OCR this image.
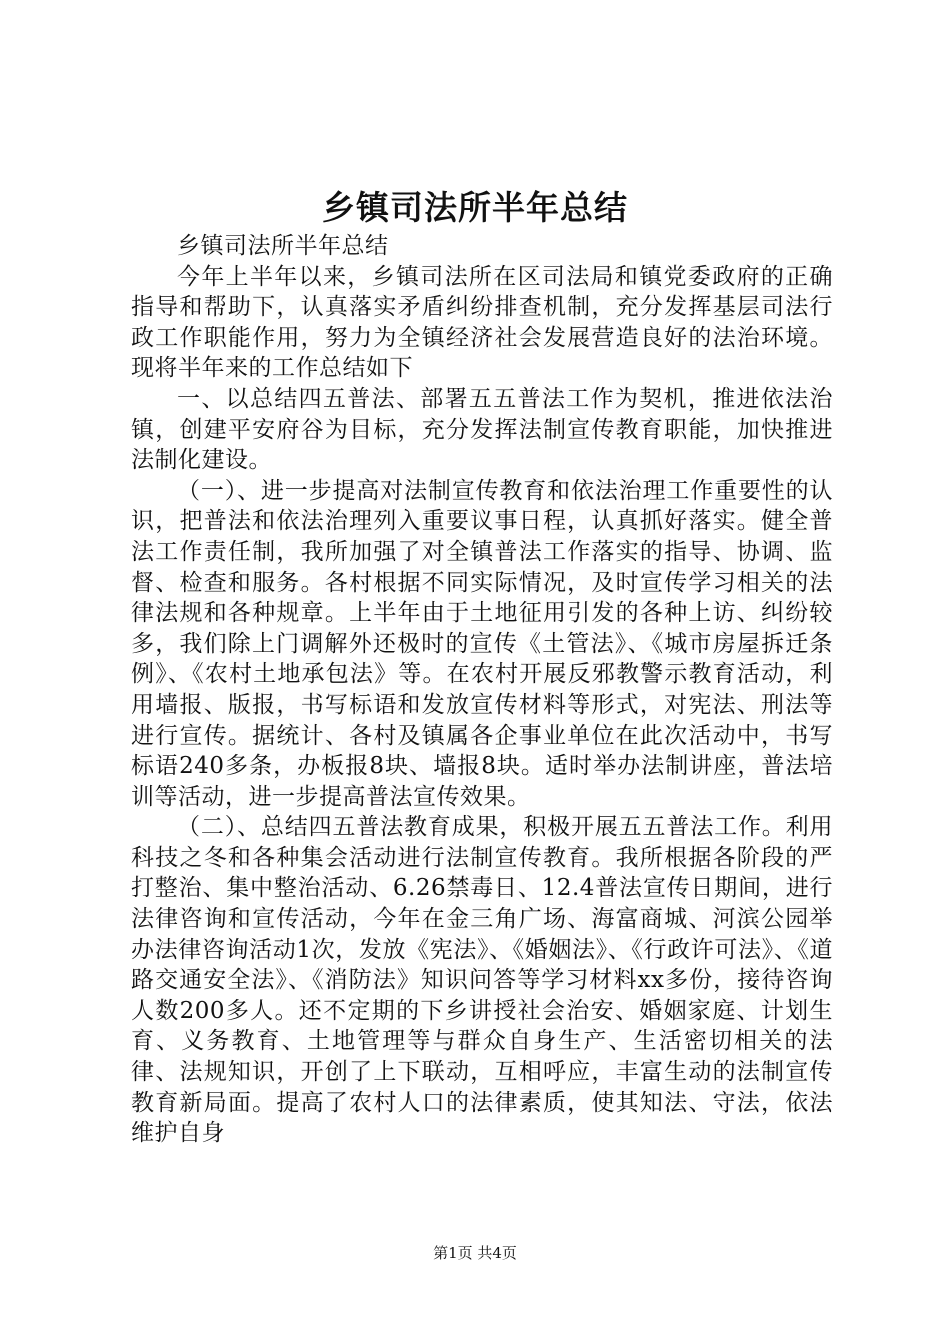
乡镇司法所半年总结

乡镇司法所半年总结

今年上半年以来，乡镇司法所在区司法局和镇党委政府的正确指导和帮助下，认真落实矛盾纠纷排查机制，充分发挥基层司法行政工作职能作用，努力为全镇经济社会发展营造良好的法治环境。现将半年来的工作总结如下

一、以总结四五普法、部署五五普法工作为契机，推进依法治镇，创建平安府谷为目标，充分发挥法制宣传教育职能，加快推进法制化建设。

（一）、进一步提高对法制宣传教育和依法治理工作重要性的认识，把普法和依法治理列入重要议事日程，认真抓好落实。健全普法工作责任制，我所加强了对全镇普法工作落实的指导、协调、监督、检查和服务。各村根据不同实际情况，及时宣传学习相关的法律法规和各种规章。上半年由于土地征用引发的各种上访、纠纷较多，我们除上门调解外还极时的宣传《土管法》、《城市房屋拆迁条例》、《农村土地承包法》等。在农村开展反邪教警示教育活动，利用墙报、版报，书写标语和发放宣传材料等形式，对宪法、刑法等进行宣传。据统计、各村及镇属各企事业单位在此次活动中，书写标语240多条，办板报8块、墙报8块。适时举办法制讲座，普法培训等活动，进一步提高普法宣传效果。

（二）、总结四五普法教育成果，积极开展五五普法工作。利用科技之冬和各种集会活动进行法制宣传教育。我所根据各阶段的严打整治、集中整治活动、6.26禁毒日、12.4普法宣传日期间，进行法律咨询和宣传活动，今年在金三角广场、海富商城、河滨公园举办法律咨询活动1次，发放《宪法》、《婚姻法》、《行政许可法》、《道路交通安全法》、《消防法》知识问答等学习材料xx多份，接待咨询人数200多人。还不定期的下乡讲授社会治安、婚姻家庭、计划生育、义务教育、土地管理等与群众自身生产、生活密切相关的法律、法规知识，开创了上下联动，互相呼应，丰富生动的法制宣传教育新局面。提高了农村人口的法律素质，使其知法、守法，依法维护自身

第1页 共4页
